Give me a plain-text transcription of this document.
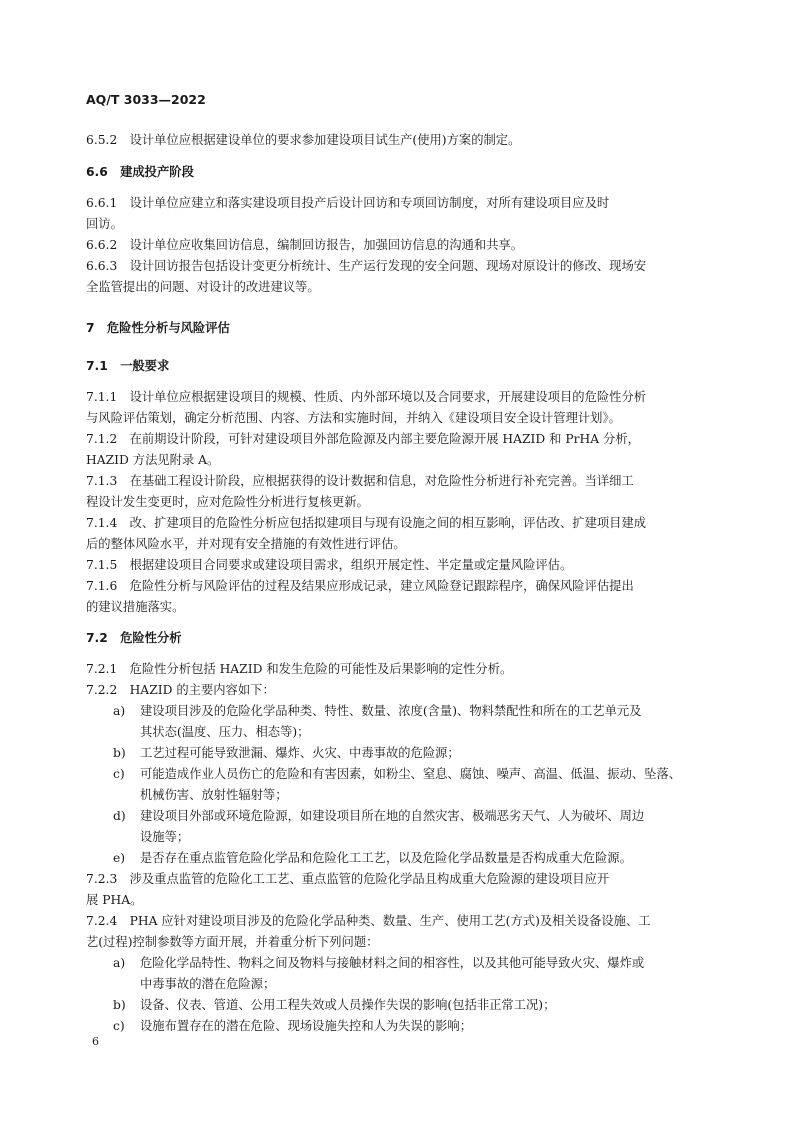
AQ/T 3033—2022
6.5.2　设计单位应根据建设单位的要求参加建设项目试生产(使用)方案的制定。
6.6　建成投产阶段
6.6.1　设计单位应建立和落实建设项目投产后设计回访和专项回访制度，对所有建设项目应及时
回访。
6.6.2　设计单位应收集回访信息，编制回访报告，加强回访信息的沟通和共享。
6.6.3　设计回访报告包括设计变更分析统计、生产运行发现的安全问题、现场对原设计的修改、现场安
全监管提出的问题、对设计的改进建议等。
7　危险性分析与风险评估
7.1　一般要求
7.1.1　设计单位应根据建设项目的规模、性质、内外部环境以及合同要求，开展建设项目的危险性分析
与风险评估策划，确定分析范围、内容、方法和实施时间，并纳入《建设项目安全设计管理计划》。
7.1.2　在前期设计阶段，可针对建设项目外部危险源及内部主要危险源开展 HAZID 和 PrHA 分析，
HAZID 方法见附录 A。
7.1.3　在基础工程设计阶段，应根据获得的设计数据和信息，对危险性分析进行补充完善。当详细工
程设计发生变更时，应对危险性分析进行复核更新。
7.1.4　改、扩建项目的危险性分析应包括拟建项目与现有设施之间的相互影响，评估改、扩建项目建成
后的整体风险水平，并对现有安全措施的有效性进行评估。
7.1.5　根据建设项目合同要求或建设项目需求，组织开展定性、半定量或定量风险评估。
7.1.6　危险性分析与风险评估的过程及结果应形成记录，建立风险登记跟踪程序，确保风险评估提出
的建议措施落实。
7.2　危险性分析
7.2.1　危险性分析包括 HAZID 和发生危险的可能性及后果影响的定性分析。
7.2.2　HAZID 的主要内容如下：
a) 建设项目涉及的危险化学品种类、特性、数量、浓度(含量)、物料禁配性和所在的工艺单元及
其状态(温度、压力、相态等)；
b) 工艺过程可能导致泄漏、爆炸、火灾、中毒事故的危险源；
c) 可能造成作业人员伤亡的危险和有害因素，如粉尘、窒息、腐蚀、噪声、高温、低温、振动、坠落、
机械伤害、放射性辐射等；
d) 建设项目外部或环境危险源，如建设项目所在地的自然灾害、极端恶劣天气、人为破坏、周边
设施等；
e) 是否存在重点监管危险化学品和危险化工工艺，以及危险化学品数量是否构成重大危险源。
7.2.3　涉及重点监管的危险化工工艺、重点监管的危险化学品且构成重大危险源的建设项目应开
展 PHA。
7.2.4　PHA 应针对建设项目涉及的危险化学品种类、数量、生产、使用工艺(方式)及相关设备设施、工
艺(过程)控制参数等方面开展，并着重分析下列问题：
a) 危险化学品特性、物料之间及物料与接触材料之间的相容性，以及其他可能导致火灾、爆炸或
中毒事故的潜在危险源；
b) 设备、仪表、管道、公用工程失效或人员操作失误的影响(包括非正常工况)；
c) 设施布置存在的潜在危险、现场设施失控和人为失误的影响；
6
